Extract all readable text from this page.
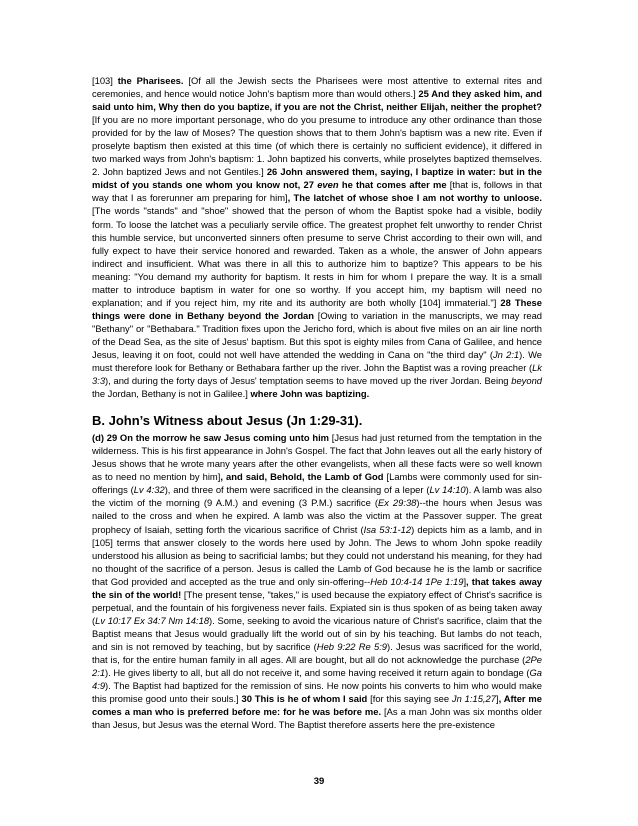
[103] the Pharisees. [Of all the Jewish sects the Pharisees were most attentive to external rites and ceremonies, and hence would notice John's baptism more than would others.] 25 And they asked him, and said unto him, Why then do you baptize, if you are not the Christ, neither Elijah, neither the prophet? [If you are no more important personage, who do you presume to introduce any other ordinance than those provided for by the law of Moses? The question shows that to them John's baptism was a new rite. Even if proselyte baptism then existed at this time (of which there is certainly no sufficient evidence), it differed in two marked ways from John's baptism: 1. John baptized his converts, while proselytes baptized themselves. 2. John baptized Jews and not Gentiles.] 26 John answered them, saying, I baptize in water: but in the midst of you stands one whom you know not, 27 even he that comes after me [that is, follows in that way that I as forerunner am preparing for him], The latchet of whose shoe I am not worthy to unloose. [The words "stands" and "shoe" showed that the person of whom the Baptist spoke had a visible, bodily form. To loose the latchet was a peculiarly servile office. The greatest prophet felt unworthy to render Christ this humble service, but unconverted sinners often presume to serve Christ according to their own will, and fully expect to have their service honored and rewarded. Taken as a whole, the answer of John appears indirect and insufficient. What was there in all this to authorize him to baptize? This appears to be his meaning: "You demand my authority for baptism. It rests in him for whom I prepare the way. It is a small matter to introduce baptism in water for one so worthy. If you accept him, my baptism will need no explanation; and if you reject him, my rite and its authority are both wholly [104] immaterial."] 28 These things were done in Bethany beyond the Jordan [Owing to variation in the manuscripts, we may read "Bethany" or "Bethabara." Tradition fixes upon the Jericho ford, which is about five miles on an air line north of the Dead Sea, as the site of Jesus' baptism. But this spot is eighty miles from Cana of Galilee, and hence Jesus, leaving it on foot, could not well have attended the wedding in Cana on "the third day" (Jn 2:1). We must therefore look for Bethany or Bethabara farther up the river. John the Baptist was a roving preacher (Lk 3:3), and during the forty days of Jesus' temptation seems to have moved up the river Jordan. Being beyond the Jordan, Bethany is not in Galilee.] where John was baptizing.

B. John’s Witness about Jesus (Jn 1:29-31).

(d) 29 On the morrow he saw Jesus coming unto him [Jesus had just returned from the temptation in the wilderness. This is his first appearance in John's Gospel. The fact that John leaves out all the early history of Jesus shows that he wrote many years after the other evangelists, when all these facts were so well known as to need no mention by him], and said, Behold, the Lamb of God [Lambs were commonly used for sin-offerings (Lv 4:32), and three of them were sacrificed in the cleansing of a leper (Lv 14:10). A lamb was also the victim of the morning (9 A.M.) and evening (3 P.M.) sacrifice (Ex 29:38)--the hours when Jesus was nailed to the cross and when he expired. A lamb was also the victim at the Passover supper. The great prophecy of Isaiah, setting forth the vicarious sacrifice of Christ (Isa 53:1-12) depicts him as a lamb, and in [105] terms that answer closely to the words here used by John. The Jews to whom John spoke readily understood his allusion as being to sacrificial lambs; but they could not understand his meaning, for they had no thought of the sacrifice of a person. Jesus is called the Lamb of God because he is the lamb or sacrifice that God provided and accepted as the true and only sin-offering--Heb 10:4-14 1Pe 1:19], that takes away the sin of the world! [The present tense, "takes," is used because the expiatory effect of Christ's sacrifice is perpetual, and the fountain of his forgiveness never fails. Expiated sin is thus spoken of as being taken away (Lv 10:17 Ex 34:7 Nm 14:18). Some, seeking to avoid the vicarious nature of Christ's sacrifice, claim that the Baptist means that Jesus would gradually lift the world out of sin by his teaching. But lambs do not teach, and sin is not removed by teaching, but by sacrifice (Heb 9:22 Re 5:9). Jesus was sacrificed for the world, that is, for the entire human family in all ages. All are bought, but all do not acknowledge the purchase (2Pe 2:1). He gives liberty to all, but all do not receive it, and some having received it return again to bondage (Ga 4:9). The Baptist had baptized for the remission of sins. He now points his converts to him who would make this promise good unto their souls.] 30 This is he of whom I said [for this saying see Jn 1:15,27], After me comes a man who is preferred before me: for he was before me. [As a man John was six months older than Jesus, but Jesus was the eternal Word. The Baptist therefore asserts here the pre-existence

39
